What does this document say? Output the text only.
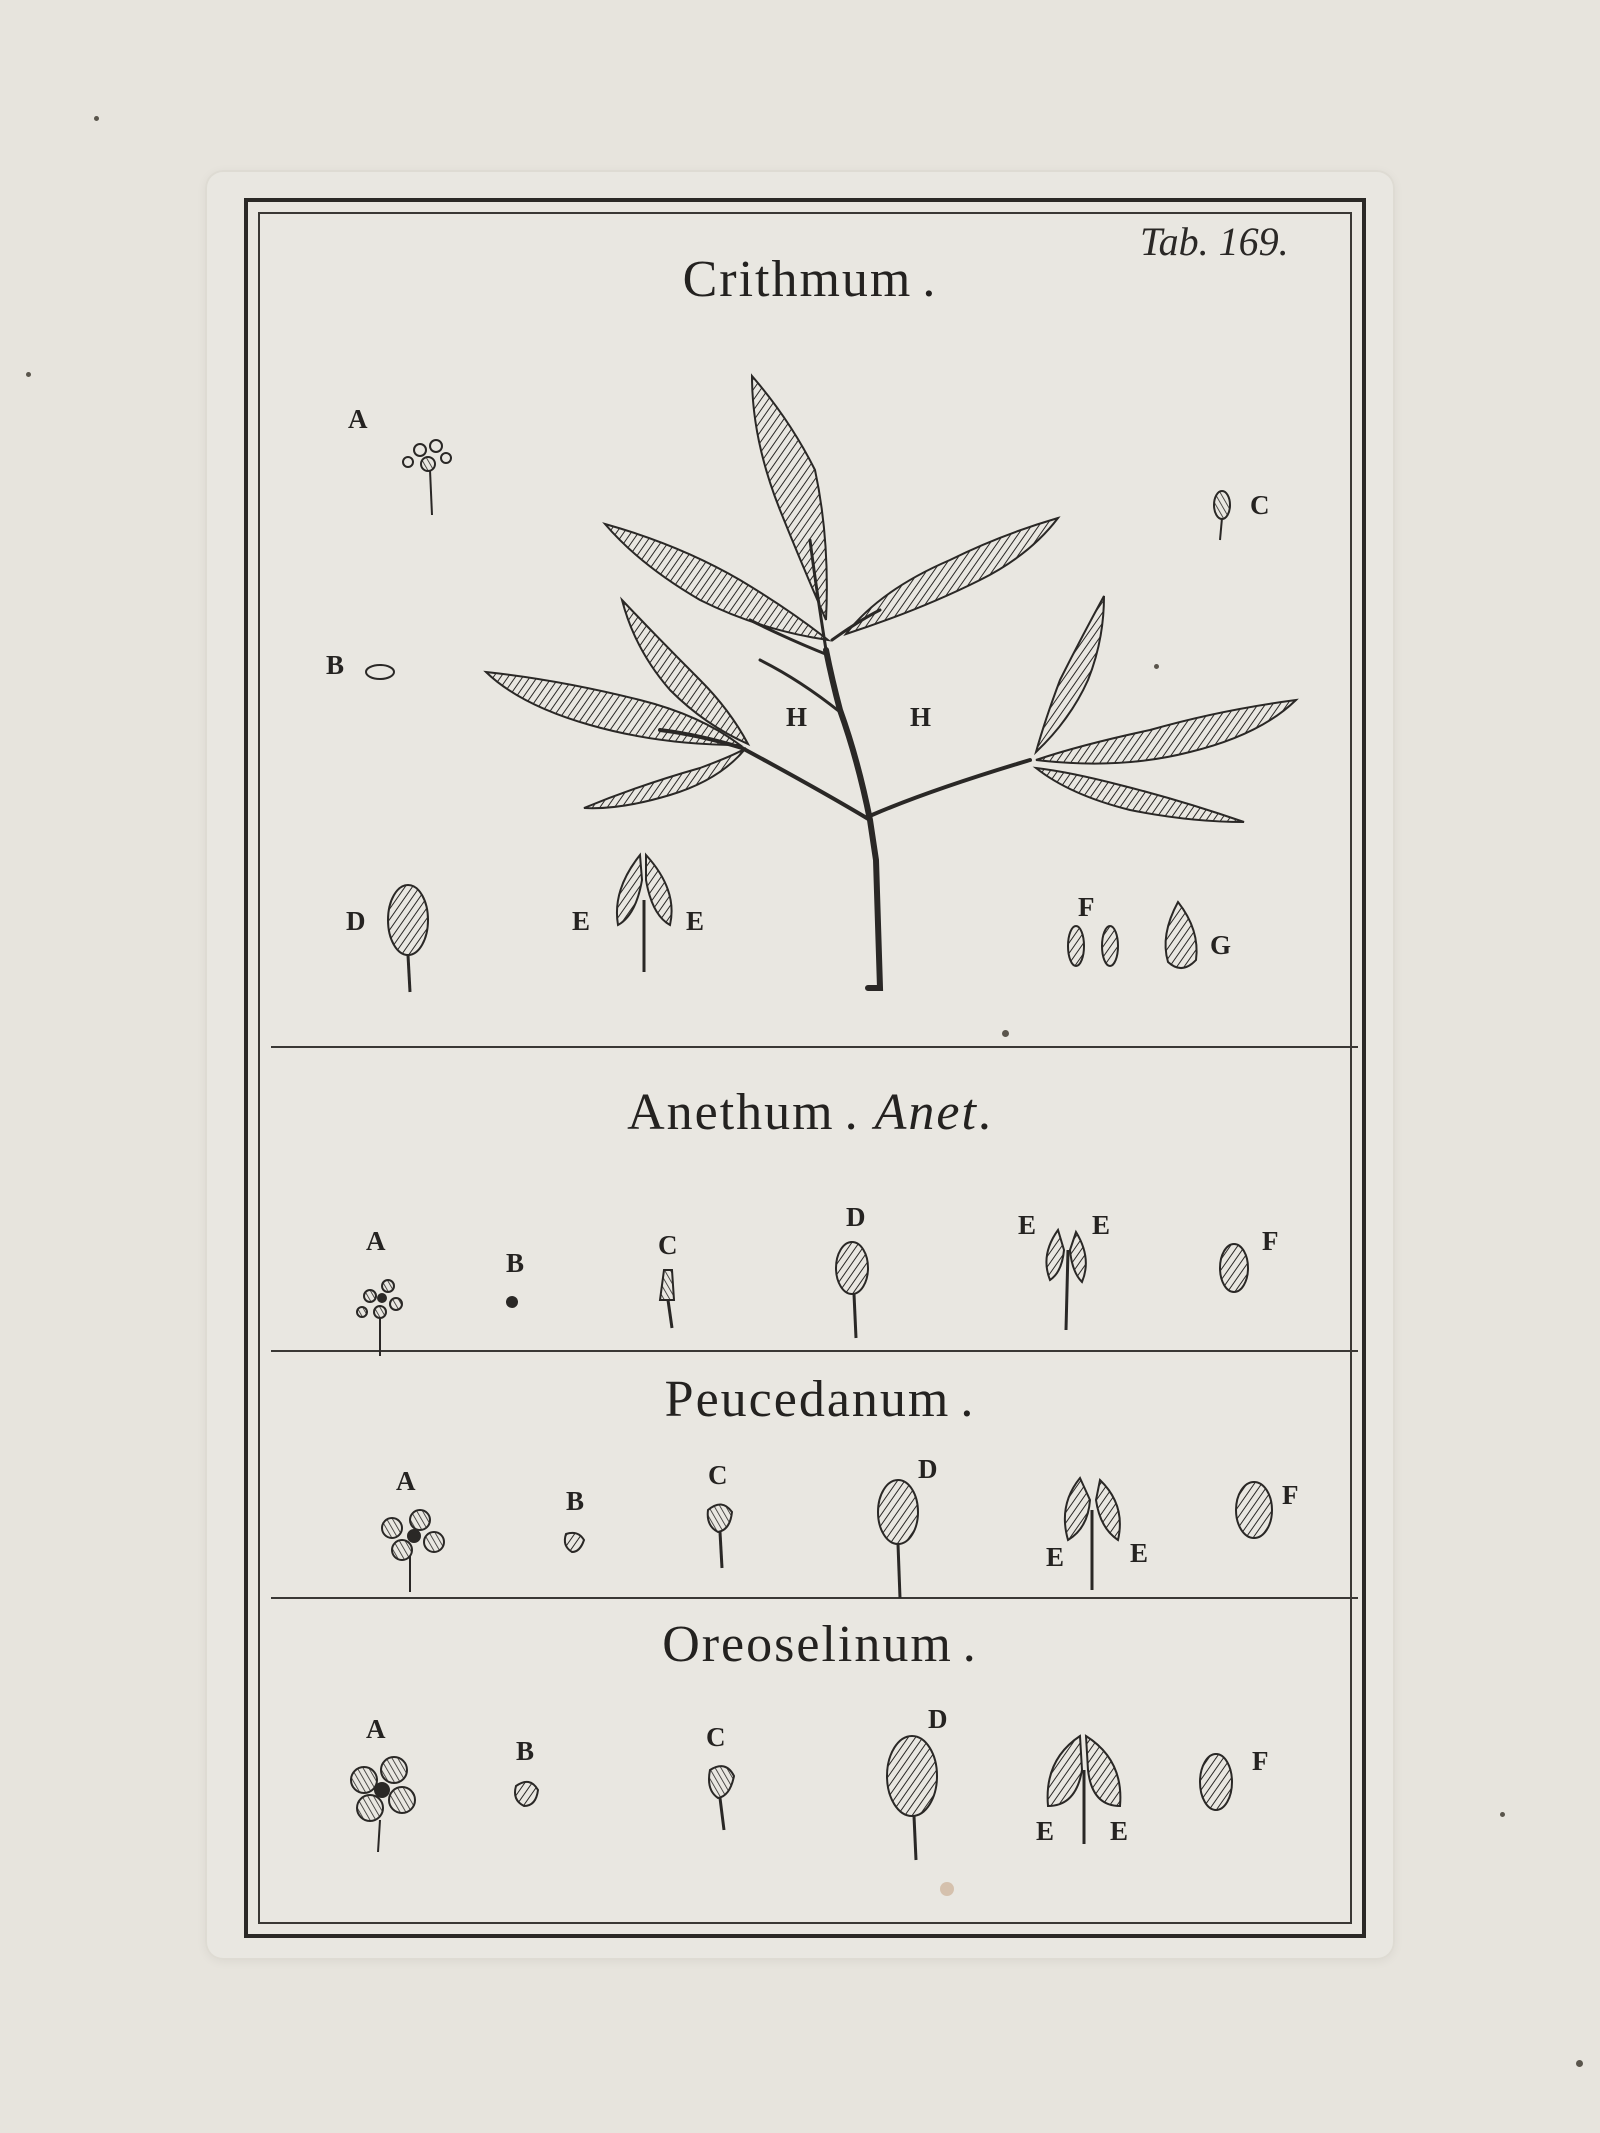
Tab. 169.
Crithmum .
Anethum . Anet.
Peucedanum .
Oreoselinum .
A
B
C
D	E	E	F
G
H	H
A
B
C
D	E E
F
A
B
C	D
E E
F
A
B	C
D
E E
F
